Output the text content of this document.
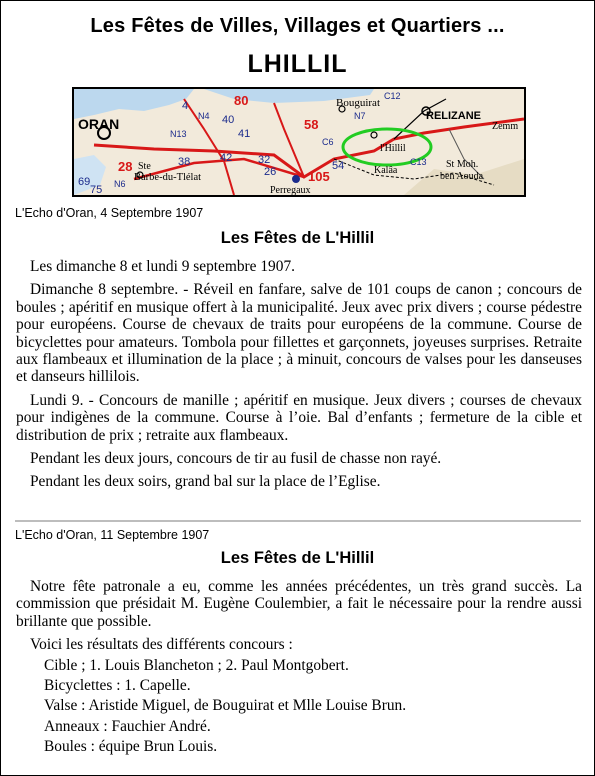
Les Fêtes de Villes, Villages et Quartiers ...
LHILLIL
ORAN
Bouguirat
RELIZANE
l'Hillil
Ste
Barbe-du-Tlélat
Perregaux
St Moh.
ben Aouda
Kalâa
Zemm
80
58
28
105
N4
N13
N7
C12
C13
C6
N6
40
41
4
38	42 32
26
69
54
75
L'Echo d'Oran, 4 Septembre 1907
Les Fêtes de L'Hillil

Les dimanche 8 et lundi 9 septembre 1907.

Dimanche 8 septembre. - Réveil en fanfare, salve de 101 coups de canon ; concours de boules ; apéritif en musique offert à la municipalité. Jeux avec prix divers ; course pédestre pour européens. Course de chevaux de traits pour européens de la commune. Course de bicyclettes pour amateurs. Tombola pour fillettes et garçonnets, joyeuses surprises. Retraite aux flambeaux et illumination de la place ; à minuit, concours de valses pour les danseuses et danseurs hillilois.

Lundi 9. - Concours de manille ; apéritif en musique. Jeux divers ; courses de chevaux pour indigènes de la commune. Course à l’oie. Bal d’enfants ; fermeture de la cible et distribution de prix ; retraite aux flambeaux.

Pendant les deux jours, concours de tir au fusil de chasse non rayé.

Pendant les deux soirs, grand bal sur la place de l’Eglise.

L'Echo d'Oran, 11 Septembre 1907
Les Fêtes de L'Hillil

Notre fête patronale a eu, comme les années précédentes, un très grand succès. La commission que présidait M. Eugène Coulembier, a fait le nécessaire pour la rendre aussi brillante que possible.

Voici les résultats des différents concours :

Cible ; 1. Louis Blancheton ; 2. Paul Montgobert.
Bicyclettes : 1. Capelle.
Valse : Aristide Miguel, de Bouguirat et Mlle Louise Brun.
Anneaux : Fauchier André.
Boules : équipe Brun Louis.
